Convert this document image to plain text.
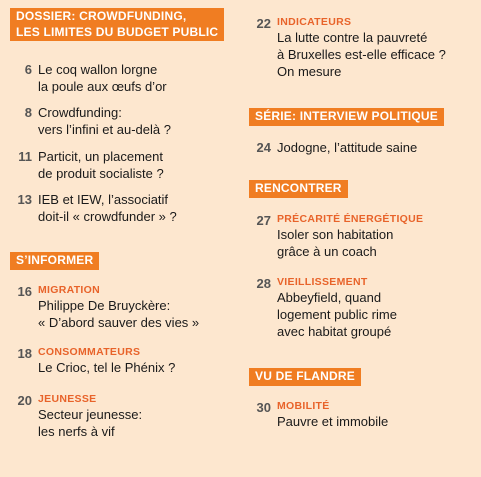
DOSSIER: CROWDFUNDING,
LES LIMITES DU BUDGET PUBLIC
6 Le coq wallon lorgne
la poule aux œufs d’or
8 Crowdfunding:
vers l’infini et au-delà ?
11 Particit, un placement
de produit socialiste ?
13 IEB et IEW, l’associatif
doit-il « crowdfunder » ?
S’INFORMER
16 MIGRATION
Philippe De Bruyckère:
« D’abord sauver des vies »
18 CONSOMMATEURS
Le Crioc, tel le Phénix ?
20 JEUNESSE
Secteur jeunesse:
les nerfs à vif
22 INDICATEURS
La lutte contre la pauvreté
à Bruxelles est-elle efficace ?
On mesure
SÉRIE: INTERVIEW POLITIQUE
24 Jodogne, l’attitude saine
RENCONTRER
27 PRÉCARITÉ ÉNERGÉTIQUE
Isoler son habitation
grâce à un coach
28 VIEILLISSEMENT
Abbeyfield, quand
logement public rime
avec habitat groupé
VU DE FLANDRE
30 MOBILITÉ
Pauvre et immobile
